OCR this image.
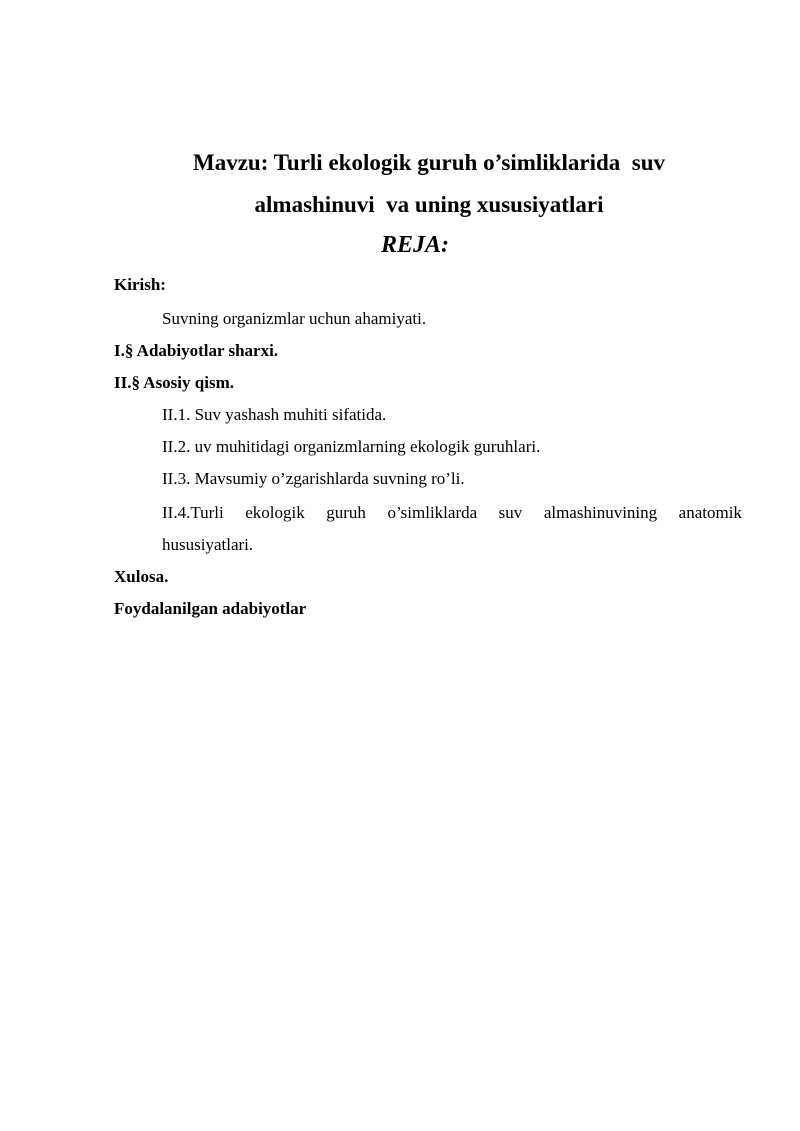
Mavzu: Turli ekologik guruh o’simliklarida  suv
almashinuvi  va uning xususiyatlari
REJA:
Kirish:
Suvning organizmlar uchun ahamiyati.
I.§ Adabiyotlar sharxi.
II.§ Asosiy qism.
II.1. Suv yashash muhiti sifatida.
II.2. uv muhitidagi organizmlarning ekologik guruhlari.
II.3. Mavsumiy o’zgarishlarda suvning ro’li.
II.4.Turli ekologik guruh o’simliklarda suv almashinuvining anatomik
hususiyatlari.
Xulosa.
Foydalanilgan adabiyotlar
